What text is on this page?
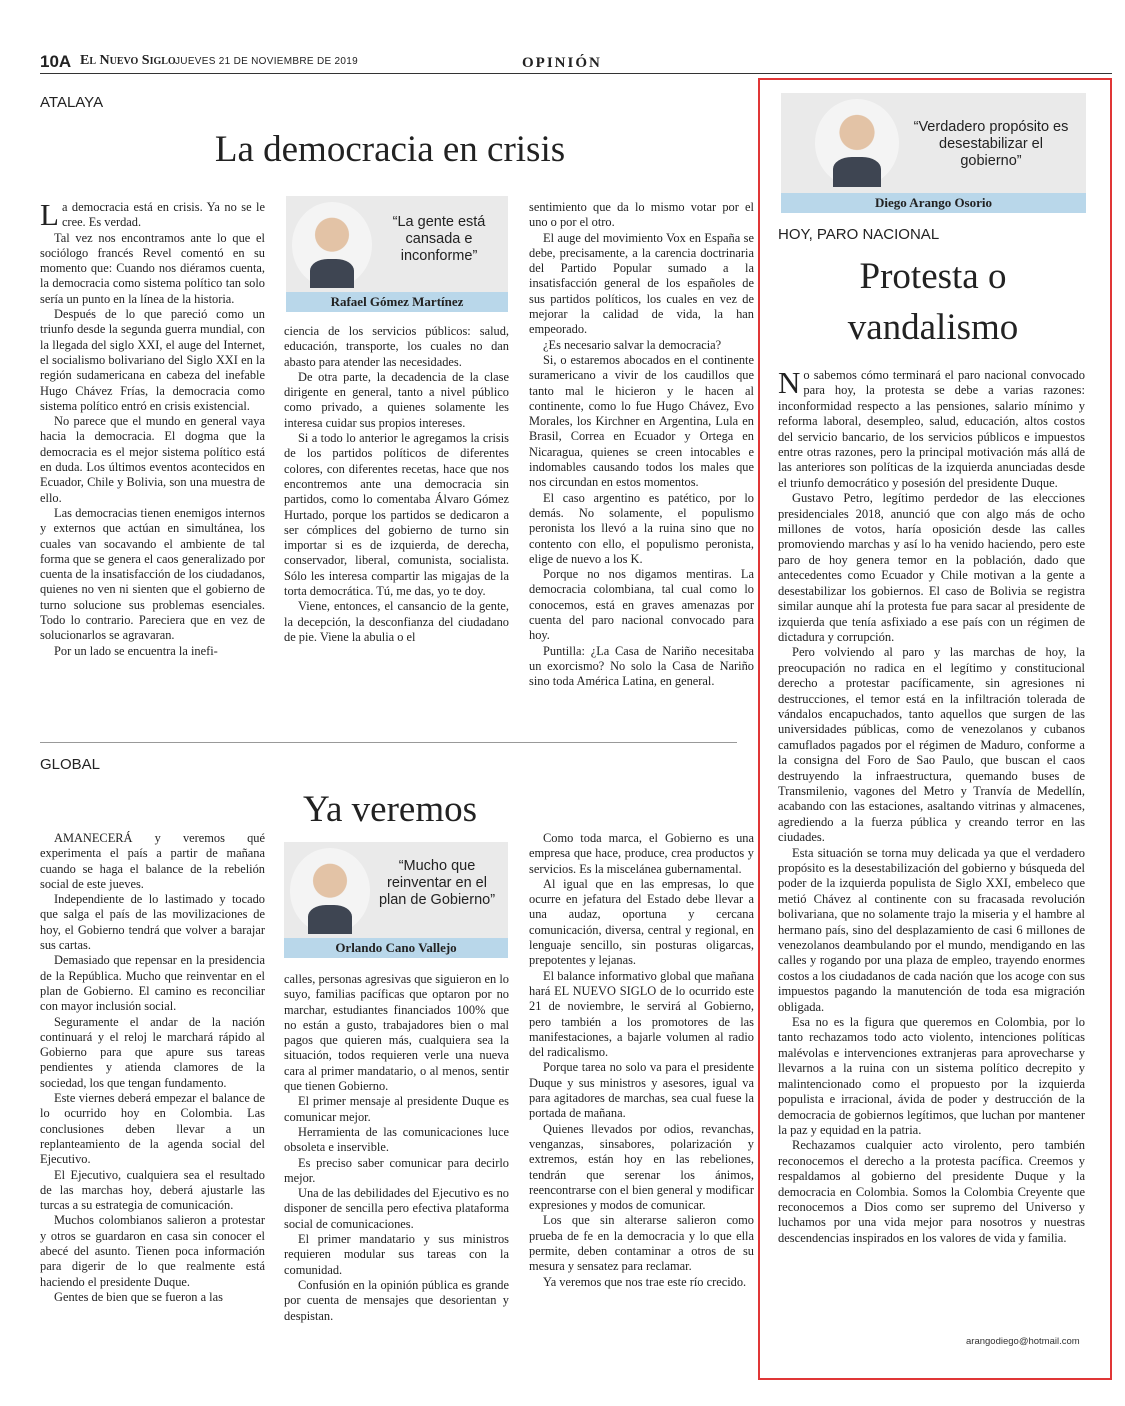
10A El Nuevo Siglo JUEVES 21 DE NOVIEMBRE DE 2019	OPINIÓN
ATALAYA
La democracia en crisis

La democracia está en crisis. Ya no se le cree. Es verdad.

Tal vez nos encontramos ante lo que el sociólogo francés Revel comentó en su momento que: Cuando nos diéramos cuenta, la democracia como sistema político tan solo sería un punto en la línea de la historia.

Después de lo que pareció como un triunfo desde la segunda guerra mundial, con la llegada del siglo XXI, el auge del Internet, el socialismo bolivariano del Siglo XXI en la región sudamericana en cabeza del inefable Hugo Chávez Frías, la democracia como sistema político entró en crisis existencial.

No parece que el mundo en general vaya hacia la democracia. El dogma que la democracia es el mejor sistema político está en duda. Los últimos eventos acontecidos en Ecuador, Chile y Bolivia, son una muestra de ello.

Las democracias tienen enemigos internos y externos que actúan en simultánea, los cuales van socavando el ambiente de tal forma que se genera el caos generalizado por cuenta de la insatisfacción de los ciudadanos, quienes no ven ni sienten que el gobierno de turno solucione sus problemas esenciales. Todo lo contrario. Pareciera que en vez de solucionarlos se agravaran.

Por un lado se encuentra la inefi-

“La gente está cansada e inconforme”
Rafael Gómez Martínez

ciencia de los servicios públicos: salud, educación, transporte, los cuales no dan abasto para atender las necesidades.

De otra parte, la decadencia de la clase dirigente en general, tanto a nivel público como privado, a quienes solamente les interesa cuidar sus propios intereses.

Si a todo lo anterior le agregamos la crisis de los partidos políticos de diferentes colores, con diferentes recetas, hace que nos encontremos ante una democracia sin partidos, como lo comentaba Álvaro Gómez Hurtado, porque los partidos se dedicaron a ser cómplices del gobierno de turno sin importar si es de izquierda, de derecha, conservador, liberal, comunista, socialista. Sólo les interesa compartir las migajas de la torta democrática. Tú, me das, yo te doy.

Viene, entonces, el cansancio de la gente, la decepción, la desconfianza del ciudadano de pie. Viene la abulia o el

sentimiento que da lo mismo votar por el uno o por el otro.

El auge del movimiento Vox en España se debe, precisamente, a la carencia doctrinaria del Partido Popular sumado a la insatisfacción general de los españoles de sus partidos políticos, los cuales en vez de mejorar la calidad de vida, la han empeorado.

¿Es necesario salvar la democracia?

Si, o estaremos abocados en el continente suramericano a vivir de los caudillos que tanto mal le hicieron y le hacen al continente, como lo fue Hugo Chávez, Evo Morales, los Kirchner en Argentina, Lula en Brasil, Correa en Ecuador y Ortega en Nicaragua, quienes se creen intocables e indomables causando todos los males que nos circundan en estos momentos.

El caso argentino es patético, por lo demás. No solamente, el populismo peronista los llevó a la ruina sino que no contento con ello, el populismo peronista, elige de nuevo a los K.

Porque no nos digamos mentiras. La democracia colombiana, tal cual como lo conocemos, está en graves amenazas por cuenta del paro nacional convocado para hoy.

Puntilla: ¿La Casa de Nariño necesitaba un exorcismo? No solo la Casa de Nariño sino toda América Latina, en general.

GLOBAL
Ya veremos

AMANECERÁ y veremos qué experimenta el país a partir de mañana cuando se haga el balance de la rebelión social de este jueves.

Independiente de lo lastimado y tocado que salga el país de las movilizaciones de hoy, el Gobierno tendrá que volver a barajar sus cartas.

Demasiado que repensar en la presidencia de la República. Mucho que reinventar en el plan de Gobierno. El camino es reconciliar con mayor inclusión social.

Seguramente el andar de la nación continuará y el reloj le marchará rápido al Gobierno para que apure sus tareas pendientes y atienda clamores de la sociedad, los que tengan fundamento.

Este viernes deberá empezar el balance de lo ocurrido hoy en Colombia. Las conclusiones deben llevar a un replanteamiento de la agenda social del Ejecutivo.

El Ejecutivo, cualquiera sea el resultado de las marchas hoy, deberá ajustarle las turcas a su estrategia de comunicación.

Muchos colombianos salieron a protestar y otros se guardaron en casa sin conocer el abecé del asunto. Tienen poca información para digerir de lo que realmente está haciendo el presidente Duque.

Gentes de bien que se fueron a las

“Mucho que reinventar en el plan de Gobierno”
Orlando Cano Vallejo

calles, personas agresivas que siguieron en lo suyo, familias pacíficas que optaron por no marchar, estudiantes financiados 100% que no están a gusto, trabajadores bien o mal pagos que quieren más, cualquiera sea la situación, todos requieren verle una nueva cara al primer mandatario, o al menos, sentir que tienen Gobierno.

El primer mensaje al presidente Duque es comunicar mejor.

Herramienta de las comunicaciones luce obsoleta e inservible.

Es preciso saber comunicar para decirlo mejor.

Una de las debilidades del Ejecutivo es no disponer de sencilla pero efectiva plataforma social de comunicaciones.

El primer mandatario y sus ministros requieren modular sus tareas con la comunidad.

Confusión en la opinión pública es grande por cuenta de mensajes que desorientan y despistan.

Como toda marca, el Gobierno es una empresa que hace, produce, crea productos y servicios. Es la miscelánea gubernamental.

Al igual que en las empresas, lo que ocurre en jefatura del Estado debe llevar a una audaz, oportuna y cercana comunicación, diversa, central y regional, en lenguaje sencillo, sin posturas oligarcas, prepotentes y lejanas.

El balance informativo global que mañana hará EL NUEVO SIGLO de lo ocurrido este 21 de noviembre, le servirá al Gobierno, pero también a los promotores de las manifestaciones, a bajarle volumen al radio del radicalismo.

Porque tarea no solo va para el presidente Duque y sus ministros y asesores, igual va para agitadores de marchas, sea cual fuese la portada de mañana.

Quienes llevados por odios, revanchas, venganzas, sinsabores, polarización y extremos, están hoy en las rebeliones, tendrán que serenar los ánimos, reencontrarse con el bien general y modificar expresiones y modos de comunicar.

Los que sin alterarse salieron como prueba de fe en la democracia y lo que ella permite, deben contaminar a otros de su mesura y sensatez para reclamar.

Ya veremos que nos trae este río crecido.

“Verdadero propósito es desestabilizar el gobierno”
Diego Arango Osorio
HOY, PARO NACIONAL
Protesta o
vandalismo

No sabemos cómo terminará el paro nacional convocado para hoy, la protesta se debe a varias razones: inconformidad respecto a las pensiones, salario mínimo y reforma laboral, desempleo, salud, educación, altos costos del servicio bancario, de los servicios públicos e impuestos entre otras razones, pero la principal motivación más allá de las anteriores son políticas de la izquierda anunciadas desde el triunfo democrático y posesión del presidente Duque.

Gustavo Petro, legítimo perdedor de las elecciones presidenciales 2018, anunció que con algo más de ocho millones de votos, haría oposición desde las calles promoviendo marchas y así lo ha venido haciendo, pero este paro de hoy genera temor en la población, dado que antecedentes como Ecuador y Chile motivan a la gente a desestabilizar los gobiernos. El caso de Bolivia se registra similar aunque ahí la protesta fue para sacar al presidente de izquierda que tenía asfixiado a ese país con un régimen de dictadura y corrupción.

Pero volviendo al paro y las marchas de hoy, la preocupación no radica en el legítimo y constitucional derecho a protestar pacíficamente, sin agresiones ni destrucciones, el temor está en la infiltración tolerada de vándalos encapuchados, tanto aquellos que surgen de las universidades públicas, como de venezolanos y cubanos camuflados pagados por el régimen de Maduro, conforme a la consigna del Foro de Sao Paulo, que buscan el caos destruyendo la infraestructura, quemando buses de Transmilenio, vagones del Metro y Tranvía de Medellín, acabando con las estaciones, asaltando vitrinas y almacenes, agrediendo a la fuerza pública y creando terror en las ciudades.

Esta situación se torna muy delicada ya que el verdadero propósito es la desestabilización del gobierno y búsqueda del poder de la izquierda populista de Siglo XXI, embeleco que metió Chávez al continente con su fracasada revolución bolivariana, que no solamente trajo la miseria y el hambre al hermano país, sino del desplazamiento de casi 6 millones de venezolanos deambulando por el mundo, mendigando en las calles y rogando por una plaza de empleo, trayendo enormes costos a los ciudadanos de cada nación que los acoge con sus impuestos pagando la manutención de toda esa migración obligada.

Esa no es la figura que queremos en Colombia, por lo tanto rechazamos todo acto violento, intenciones políticas malévolas e intervenciones extranjeras para aprovecharse y llevarnos a la ruina con un sistema político decrepito y malintencionado como el propuesto por la izquierda populista e irracional, ávida de poder y destrucción de la democracia de gobiernos legítimos, que luchan por mantener la paz y equidad en la patria.

Rechazamos cualquier acto virolento, pero también reconocemos el derecho a la protesta pacífica. Creemos y respaldamos al gobierno del presidente Duque y la democracia en Colombia. Somos la Colombia Creyente que reconocemos a Dios como ser supremo del Universo y luchamos por una vida mejor para nosotros y nuestras descendencias inspirados en los valores de vida y familia.

arangodiego@hotmail.com
